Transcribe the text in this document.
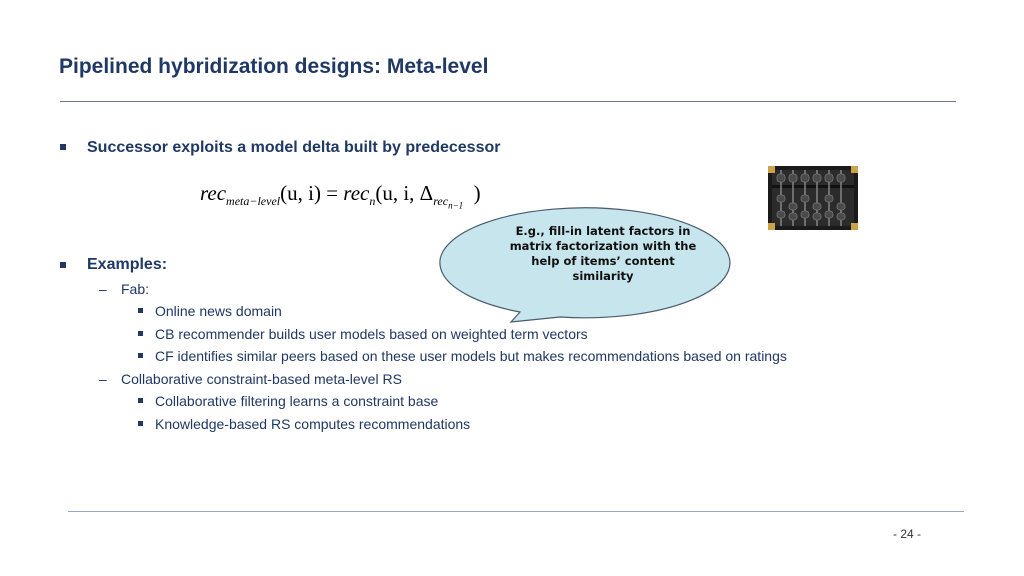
Pipelined hybridization designs: Meta-level
Successor exploits a model delta built by predecessor
rec$_{meta-level}$(u, i) = rec$_n$(u, i, $\Delta_{rec_{n-1}}$  )
E.g., fill-in latent factors in matrix factorization with the help of items’ content similarity
Examples:
– Fab:
Online news domain
CB recommender builds user models based on weighted term vectors
CF identifies similar peers based on these user models but makes recommendations based on ratings
– Collaborative constraint-based meta-level RS
Collaborative filtering learns a constraint base
Knowledge-based RS computes recommendations
- 24 -
